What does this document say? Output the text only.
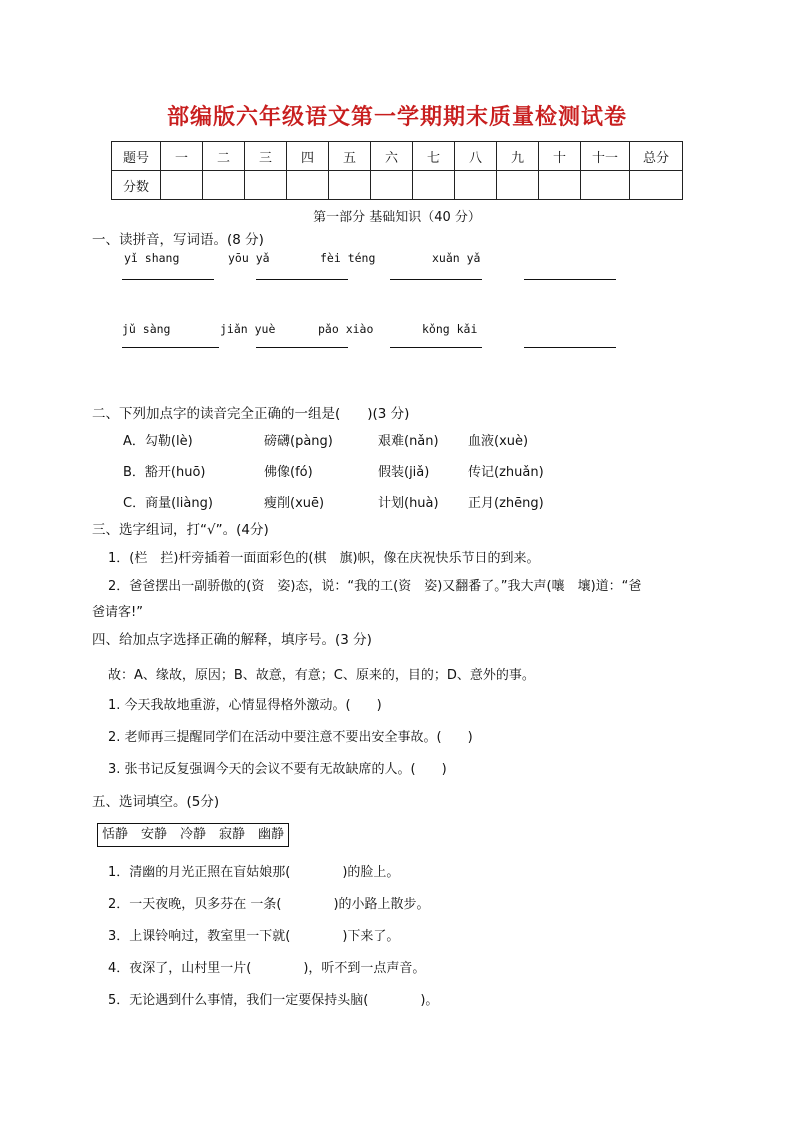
部编版六年级语文第一学期期末质量检测试卷
题号	一	二	三	四	五	六	七	八	九	十	十一	总分
分数												
第一部分 基础知识（40 分）
一、读拼音，写词语。(8 分)
yǐ shang	yōu yǎ	fèi téng	xuǎn yǎ
jǔ sàng	jiǎn yuè	pǎo xiào	kǒng kǎi
二、下列加点字的读音完全正确的一组是(　　)(3 分)
A．勾勒(lè)	磅礴(pàng)	艰难(nǎn) 血液(xuè)
B．豁开(huō)	佛像(fó)	假装(jiǎ)	传记(zhuǎn)
C．商量(liàng)	瘦削(xuē)	计划(huà) 正月(zhēng)
三、选字组词，打“√”。(4分)
1．(栏　拦)杆旁插着一面面彩色的(棋　旗)帜，像在庆祝快乐节日的到来。
2．爸爸摆出一副骄傲的(资　姿)态，说：“我的工(资　姿)又翻番了。”我大声(嚷　壤)道：“爸
爸请客!”
四、给加点字选择正确的解释，填序号。(3 分)
故：A、缘故，原因；B、故意，有意；C、原来的，目的；D、意外的事。
1. 今天我故地重游，心情显得格外激动。(　　)
2. 老师再三提醒同学们在活动中要注意不要出安全事故。(　　)
3. 张书记反复强调今天的会议不要有无故缺席的人。(　　)
五、选词填空。(5分)
恬静　安静　冷静　寂静　幽静
1．清幽的月光正照在盲姑娘那(　　　　)的脸上。
2．一天夜晚，贝多芬在 一条(　　　　)的小路上散步。
3．上课铃响过，教室里一下就(　　　　)下来了。
4．夜深了，山村里一片(　　　　)，听不到一点声音。
5．无论遇到什么事情，我们一定要保持头脑(　　　　)。
